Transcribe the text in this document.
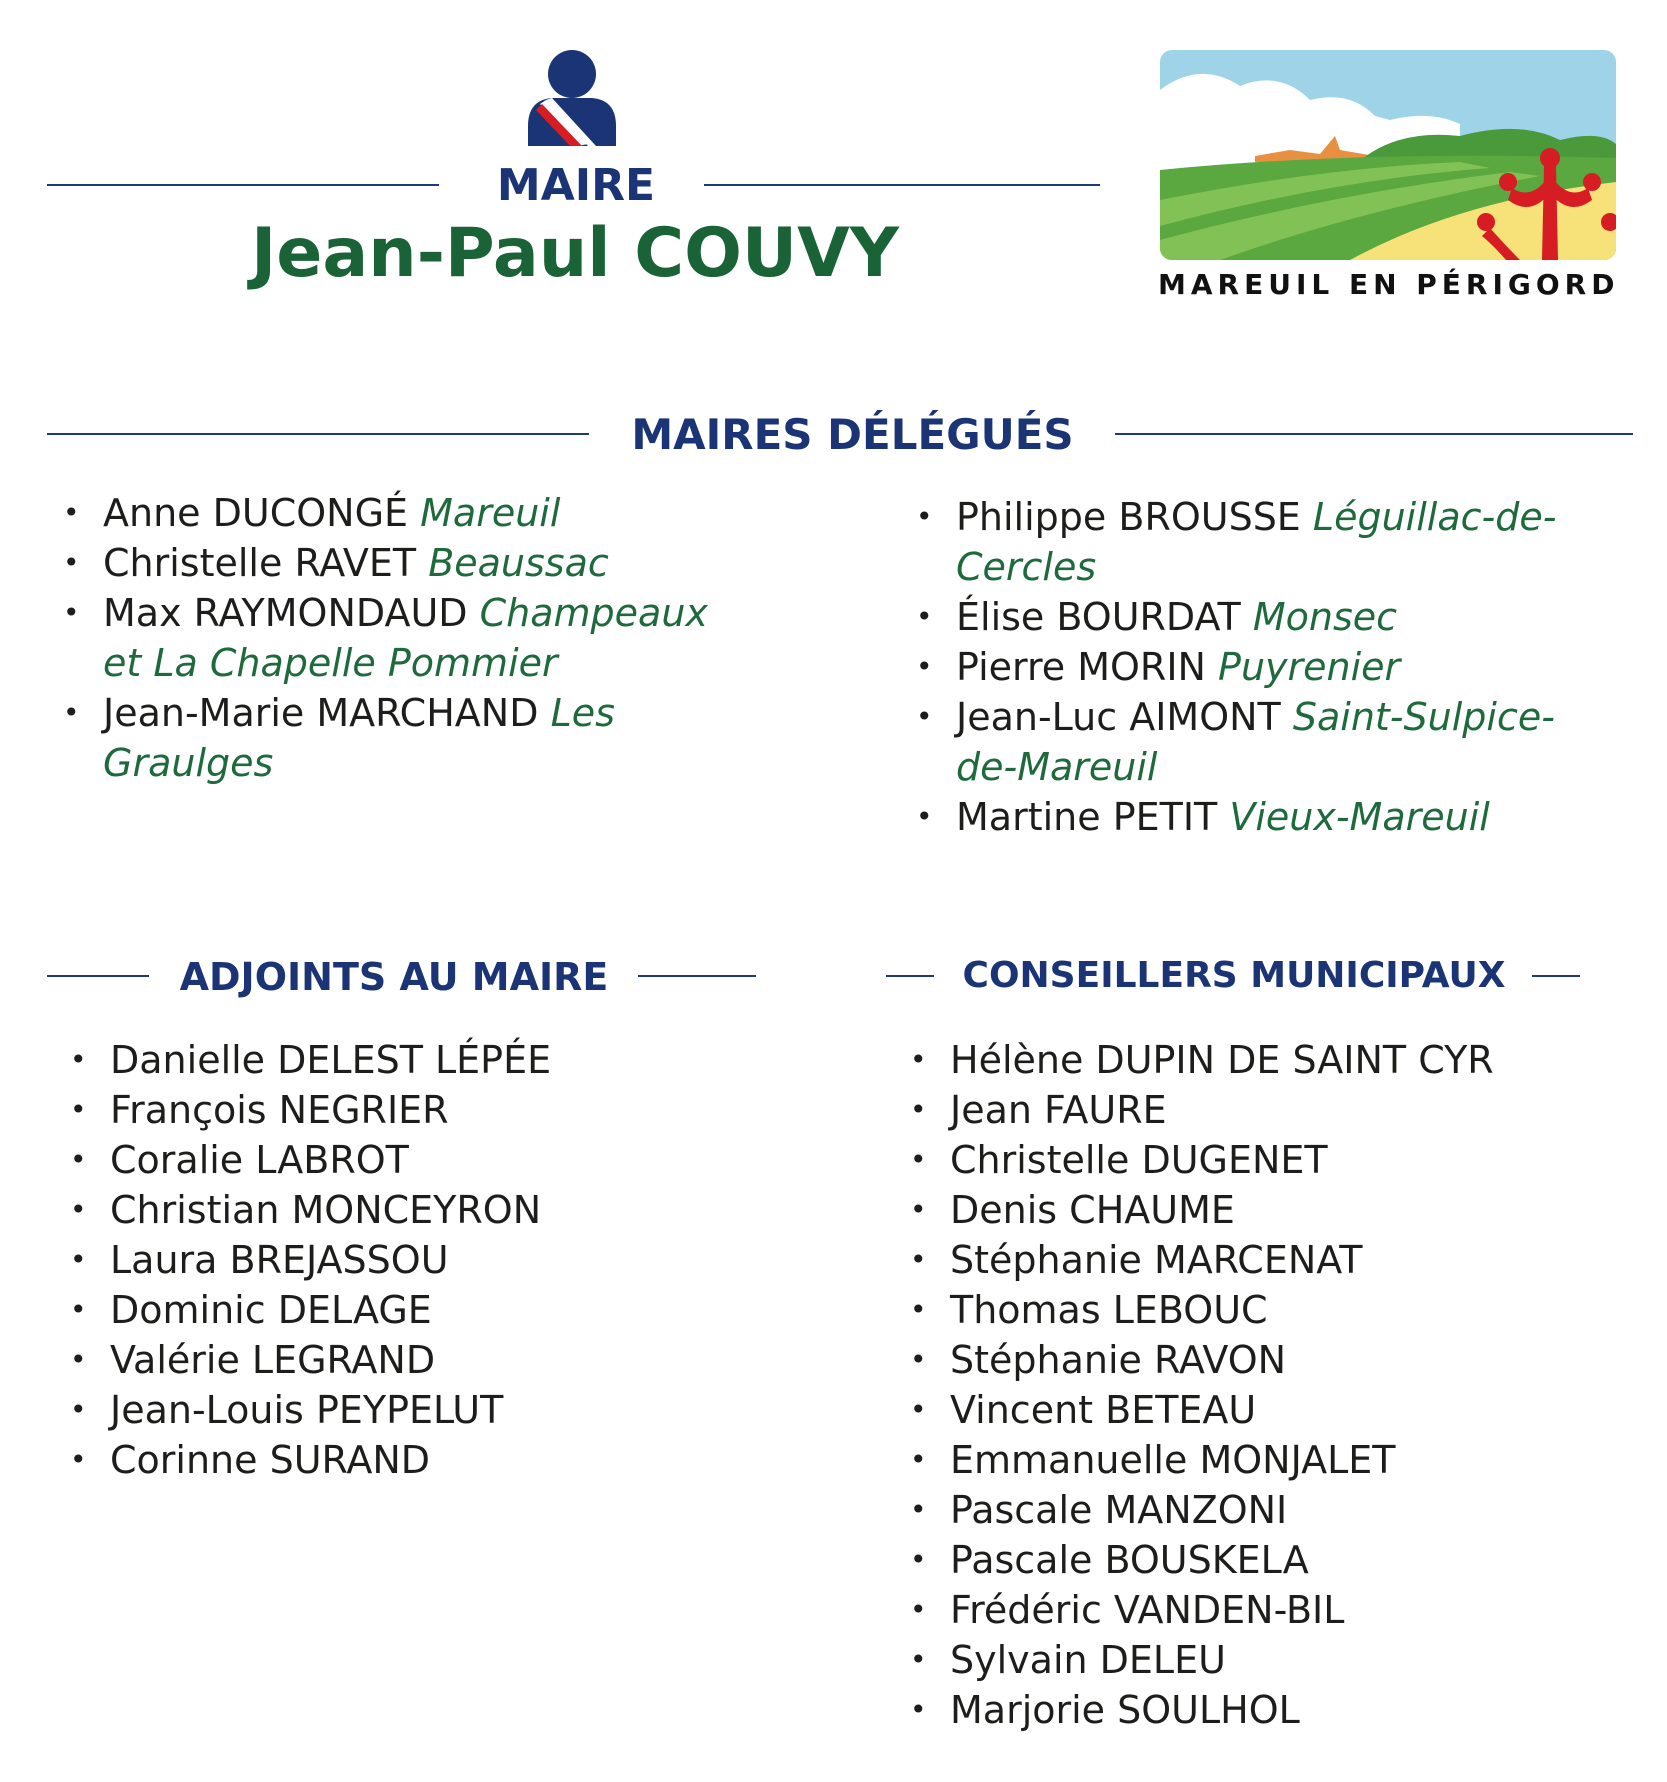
MAIRE
Jean-Paul COUVY	MAREUIL EN PÉRIGORD
MAIRES DÉLÉGUÉS
• Anne DUCONGÉ Mareuil
• Christelle RAVET Beaussac
• Max RAYMONDAUD Champeaux et La Chapelle Pommier
• Jean-Marie MARCHAND Les Graulges
• Philippe BROUSSE Léguillac-de-Cercles
• Élise BOURDAT Monsec
• Pierre MORIN Puyrenier
• Jean-Luc AIMONT Saint-Sulpice-de-Mareuil
• Martine PETIT Vieux-Mareuil
ADJOINTS AU MAIRE
• Danielle DELEST LÉPÉE
• François NEGRIER
• Coralie LABROT
• Christian MONCEYRON
• Laura BREJASSOU
• Dominic DELAGE
• Valérie LEGRAND
• Jean-Louis PEYPELUT
• Corinne SURAND
CONSEILLERS MUNICIPAUX
• Hélène DUPIN DE SAINT CYR
• Jean FAURE
• Christelle DUGENET
• Denis CHAUME
• Stéphanie MARCENAT
• Thomas LEBOUC
• Stéphanie RAVON
• Vincent BETEAU
• Emmanuelle MONJALET
• Pascale MANZONI
• Pascale BOUSKELA
• Frédéric VANDEN-BIL
• Sylvain DELEU
• Marjorie SOULHOL
